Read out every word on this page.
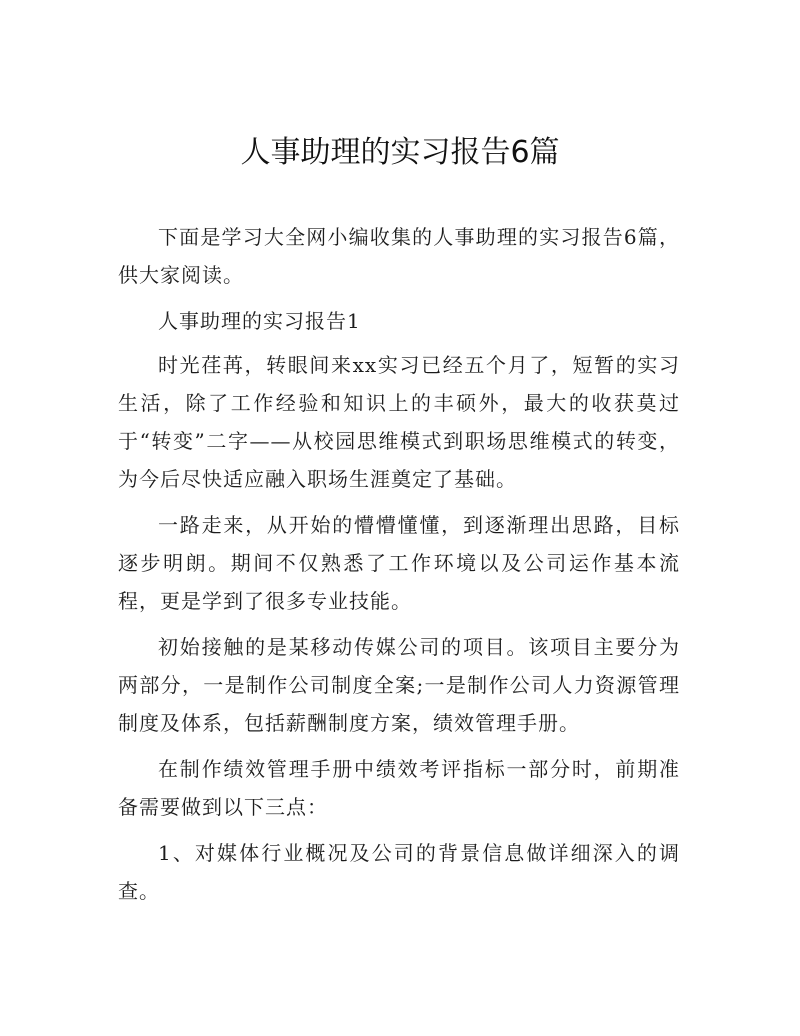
人事助理的实习报告6篇

下面是学习大全网小编收集的人事助理的实习报告6篇，供大家阅读。

人事助理的实习报告1

时光荏苒，转眼间来xx实习已经五个月了，短暂的实习生活，除了工作经验和知识上的丰硕外，最大的收获莫过于“转变”二字——从校园思维模式到职场思维模式的转变，为今后尽快适应融入职场生涯奠定了基础。

一路走来，从开始的懵懵懂懂，到逐渐理出思路，目标逐步明朗。期间不仅熟悉了工作环境以及公司运作基本流程，更是学到了很多专业技能。

初始接触的是某移动传媒公司的项目。该项目主要分为两部分，一是制作公司制度全案;一是制作公司人力资源管理制度及体系，包括薪酬制度方案，绩效管理手册。

在制作绩效管理手册中绩效考评指标一部分时，前期准备需要做到以下三点：

1、对媒体行业概况及公司的背景信息做详细深入的调查。
